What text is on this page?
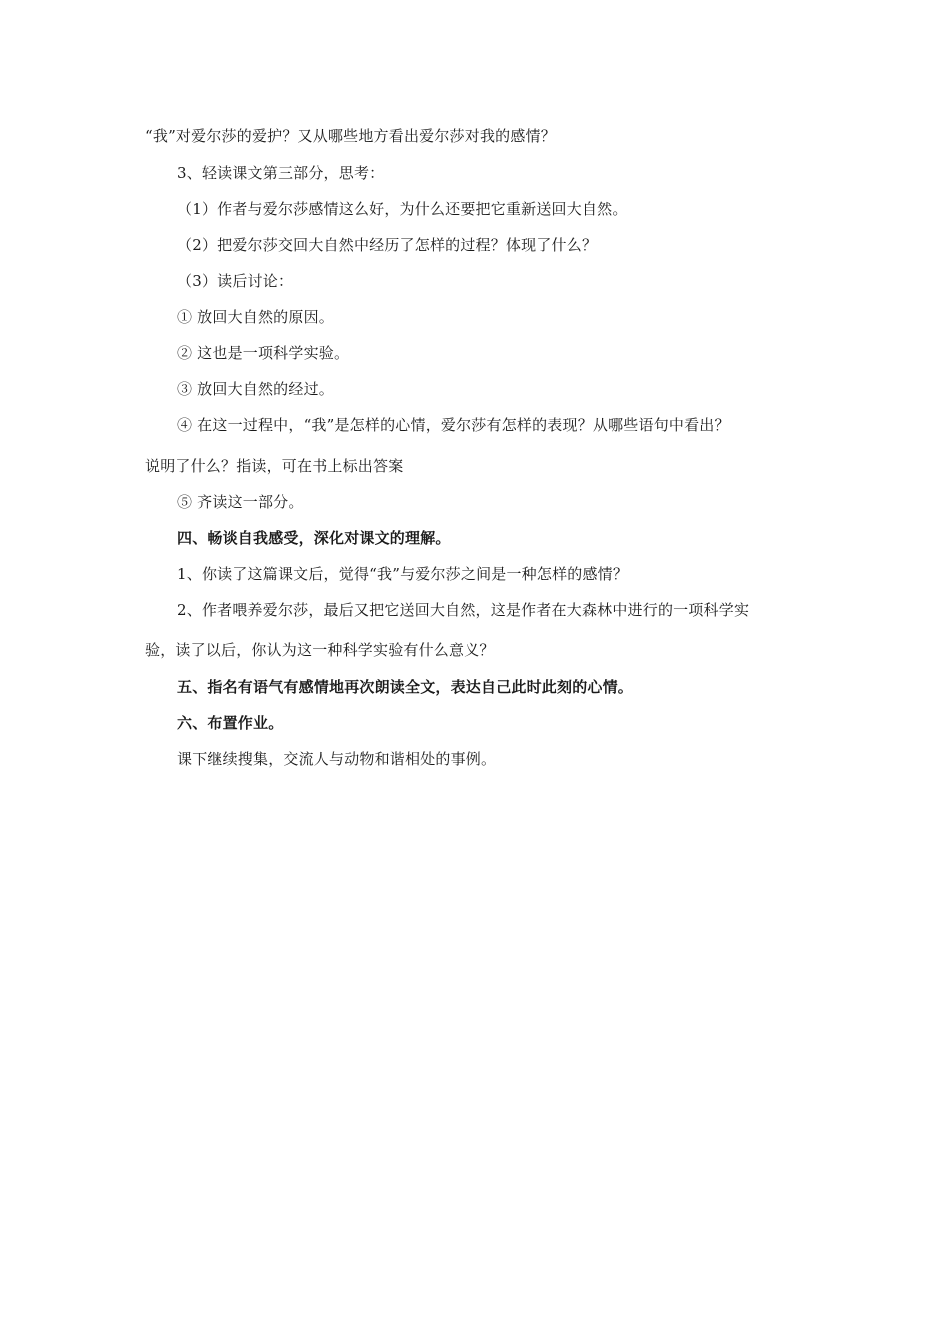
“我”对爱尔莎的爱护？又从哪些地方看出爱尔莎对我的感情？
3、轻读课文第三部分，思考：
（1）作者与爱尔莎感情这么好，为什么还要把它重新送回大自然。
（2）把爱尔莎交回大自然中经历了怎样的过程？体现了什么？
（3）读后讨论：
① 放回大自然的原因。
② 这也是一项科学实验。
③ 放回大自然的经过。
④ 在这一过程中，“我”是怎样的心情，爱尔莎有怎样的表现？从哪些语句中看出？
说明了什么？指读，可在书上标出答案
⑤ 齐读这一部分。
四、畅谈自我感受，深化对课文的理解。
1、你读了这篇课文后，觉得“我”与爱尔莎之间是一种怎样的感情？
2、作者喂养爱尔莎，最后又把它送回大自然，这是作者在大森林中进行的一项科学实
验，读了以后，你认为这一种科学实验有什么意义？
五、指名有语气有感情地再次朗读全文，表达自己此时此刻的心情。
六、布置作业。
课下继续搜集，交流人与动物和谐相处的事例。
